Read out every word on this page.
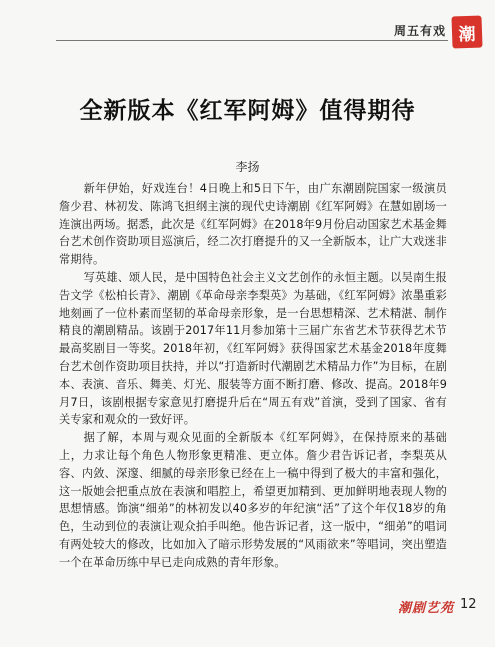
周五有戏 潮
全新版本《红军阿姆》值得期待
李扬

新年伊始，好戏连台！4日晚上和5日下午，由广东潮剧院国家一级演员詹少君、林初发、陈鸿飞担纲主演的现代史诗潮剧《红军阿姆》在慧如剧场一连演出两场。据悉，此次是《红军阿姆》在2018年9月份启动国家艺术基金舞台艺术创作资助项目巡演后，经二次打磨提升的又一全新版本，让广大戏迷非常期待。

写英雄、颂人民，是中国特色社会主义文艺创作的永恒主题。以吴南生报告文学《松柏长青》、潮剧《革命母亲李梨英》为基础，《红军阿姆》浓墨重彩地刻画了一位朴素而坚韧的革命母亲形象，是一台思想精深、艺术精湛、制作精良的潮剧精品。该剧于2017年11月参加第十三届广东省艺术节获得艺术节最高奖剧目一等奖。2018年初，《红军阿姆》获得国家艺术基金2018年度舞台艺术创作资助项目扶持，并以“打造新时代潮剧艺术精品力作”为目标，在剧本、表演、音乐、舞美、灯光、服装等方面不断打磨、修改、提高。2018年9月7日，该剧根据专家意见打磨提升后在“周五有戏”首演，受到了国家、省有关专家和观众的一致好评。

据了解，本周与观众见面的全新版本《红军阿姆》，在保持原来的基础上，力求让每个角色人物形象更精准、更立体。詹少君告诉记者，李梨英从容、内敛、深邃、细腻的母亲形象已经在上一稿中得到了极大的丰富和强化，这一版她会把重点放在表演和唱腔上，希望更加精到、更加鲜明地表现人物的思想情感。饰演“细弟”的林初发以40多岁的年纪演“活”了这个年仅18岁的角色，生动到位的表演让观众拍手叫绝。他告诉记者，这一版中，“细弟”的唱词有两处较大的修改，比如加入了暗示形势发展的“风雨欲来”等唱词，突出塑造一个在革命历练中早已走向成熟的青年形象。

潮剧艺苑 12
